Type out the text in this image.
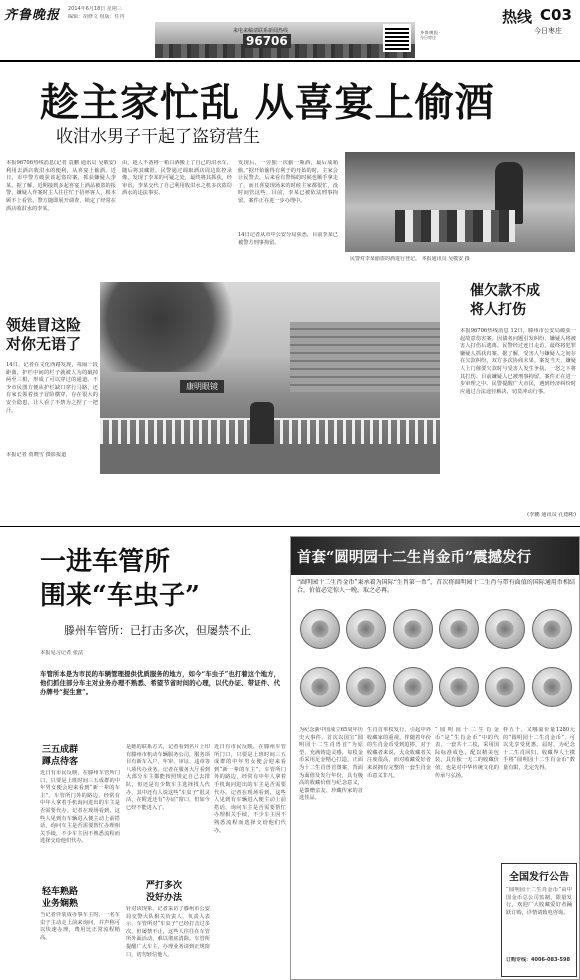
齐鲁晚报 2014年6月18日 星期三
编辑：胡修文 组版：任冉	热线 C03
今日枣庄
来电来稿请联系新闻热线
96706
齐鲁晚报·今日枣庄
趁主家忙乱 从喜宴上偷酒
收泔水男子干起了盗窃营生
本报96706热线消息(记者 袁鹏 通讯员 吴敬安) 利用去酒店收泔水的便利，从喜宴上偷酒。近日，市中警方破获该起盗窃案，抓获嫌疑人李某。据了解，近期接到多起喜宴上酒品被盗的报警，嫌疑人作案时主人往往忙于招呼客人，根本顾不上看管。警方随即展开调查，锁定了经常在酒店收泔水的李某。
由，趁人不备将一箱白酒搬上了自己的泔水车，随后将其藏匿。民警通过调取酒店周边监控录像，发现了李某的可疑之处，最终将其抓获。经审讯，李某交代了自己利用收泔水之机多次盗窃酒水的违法事实。
发现后，一旁独一次偷一瓶酒，最后成箱偷。”据开始偷得有利于的开始的时，主家会让民警去，后来看有警惕的时候也顺手拿走了，而且喜宴现场来的时候主家都很忙，没时间管这些。目前，李某已被依法刑事拘留，案件正在进一步办理中。
14日记者从市中公安分局获悉，目前李某已被警方刑事拘留。
民警对李某偷盗的酒进行登记。 本报通讯员 吴敬安 摄
领娃冒这险
对你无语了
14日，记者在文化西路发现，每隔一段距离，护栏中间的栏子就被人为的破掉两至三根，形成了可以穿过的通道。不少市民图方便从护栏缺口穿行马路，还有家长领着孩子冒险横穿，存在很大的安全隐患，让人看了不禁为之捏了一把汗。
本报记者 贾晓雪 摄影报道
康明眼镜
催欠款不成
将人打伤
本报96706热线消息 12日，滕州市公安局破获一起故意伤害案，因债务问题引发纠纷，嫌疑人将被害人打伤后逃离。民警经过连日走访，最终将犯罪嫌疑人抓获归案。据了解，受害人与嫌疑人之间存在欠款纠纷，双方多次协商未果。案发当天，嫌疑人上门催要欠款时与受害人发生争执，一怒之下将其打伤。目前嫌疑人已被刑事拘留，案件正在进一步审理之中。民警提醒广大市民，遇到经济纠纷时应通过合法途径解决，切莫冲动行事。
(李鹏 通讯员 孔德彬)
一进车管所
围来“车虫子”
滕州车管所：已打击多次，但屡禁不止
本报见习记者 张法
车管所本是为市民的车辆管理提供优质服务的地方，如今“车虫子”也打着这个地方，他们抓住部分车主对业务办理不熟悉、希望节省时间的心理，以代办证、带证件、代办牌号“捉生意”。
三五成群
蹲点待客
近日有市民反映，在滕州车管所门口，只要是上班时间三五成群的中年男女便会迎来看到“新一辈的车主”。车管所门外的路边，经常有中年人拿着手机询问进出的车主是否需要代办。记者在现场看到，这些人见到有车辆进入便主动上前搭话，询问车主是否需要帮忙办理相关手续，不少车主因不熟悉流程而选择交给他们代办。
轻车熟路
业务娴熟
当记者佯装成办事车主时，一名车虫子主动走上前来询问，并声称可以快速办理，费用比正常流程稍高。
是她的联系方式，记者看到名片上印有滕州市机动车辆服务公司，服务项目有新车入户、年审、审证、违章等八项代办业务。记者在服务大厅看到大部分车主都能按照规定自己去排队，但还是有少数车主选择找人代办，其中还有人说这些“车虫子”很灵活，在附近还有“办证”窗口，但如今已经不能进入了。
严打多次
没好办法
针对该现象，记者采访了滕州市公安局交警大队相关负责人，负责人表示，车管所对“车虫子”已经打击过多次，但屡禁不止，这些人往往在车管所外面活动，难以彻底清除。车管所提醒广大车主，办理业务请到正规窗口，切勿轻信他人。
近日有市民反映，在滕州车管所门口，只要是上班时间三五成群的中年男女便会迎来看到“新一辈的车主”。车管所门外的路边，经常有中年人拿着手机询问进出的车主是否需要代办。记者在现场看到，这些人见到有车辆进入便主动上前搭话，询问车主是否需要帮忙办理相关手续，不少车主因不熟悉流程而选择交给他们代办。
首套“圆明园十二生肖金币”震撼发行
“圆明园十二生肖金币”秉承着为国际“生肖第一币”，首次将圆明园十二生肖与带有面值的国际通用币相结合，价值必定惊人一晚，取之必再。
为纪念新中国成立65周年历史大事件，首次以国宝“圆明园十二生肖兽首”为原型，充满铸造灵感。每枚金币采用足金精心打造，正面为十二生肖兽首图案，背面为面值及发行年份，具有极高的收藏价值与纪念意义，是馈赠亲友、珍藏传家的首选佳品。
生肖首单枚发行，引起中外收藏家的重视。伴随着年份的生肖金币受到追捧，对于收藏者来说，大众收藏者关注度很高，而对收藏爱好者来说拥有完整的一套生肖金币意义非凡。
“圆明园十二生肖金币”是“生肖金币”中的代表，一套共十二枚，采用国际标准成色，配以精美包装，具有独一无二的收藏价值，也是对中华传统文化的传承与弘扬。
样五千。又哪溢价量1280元的“圆明园十二生肖金币”，可以先享受优惠。届时，为纪念十二生肖回归、收藏界人士携手将“圆明园十二生肖金币”数量有限，先定先得。
全国发行公告
“圆明园十二生肖金币”由中国金币总公司监制，限量发行，欢迎广大收藏爱好者踊跃订购，详情请致电咨询。
订购专线：4006-083-598
